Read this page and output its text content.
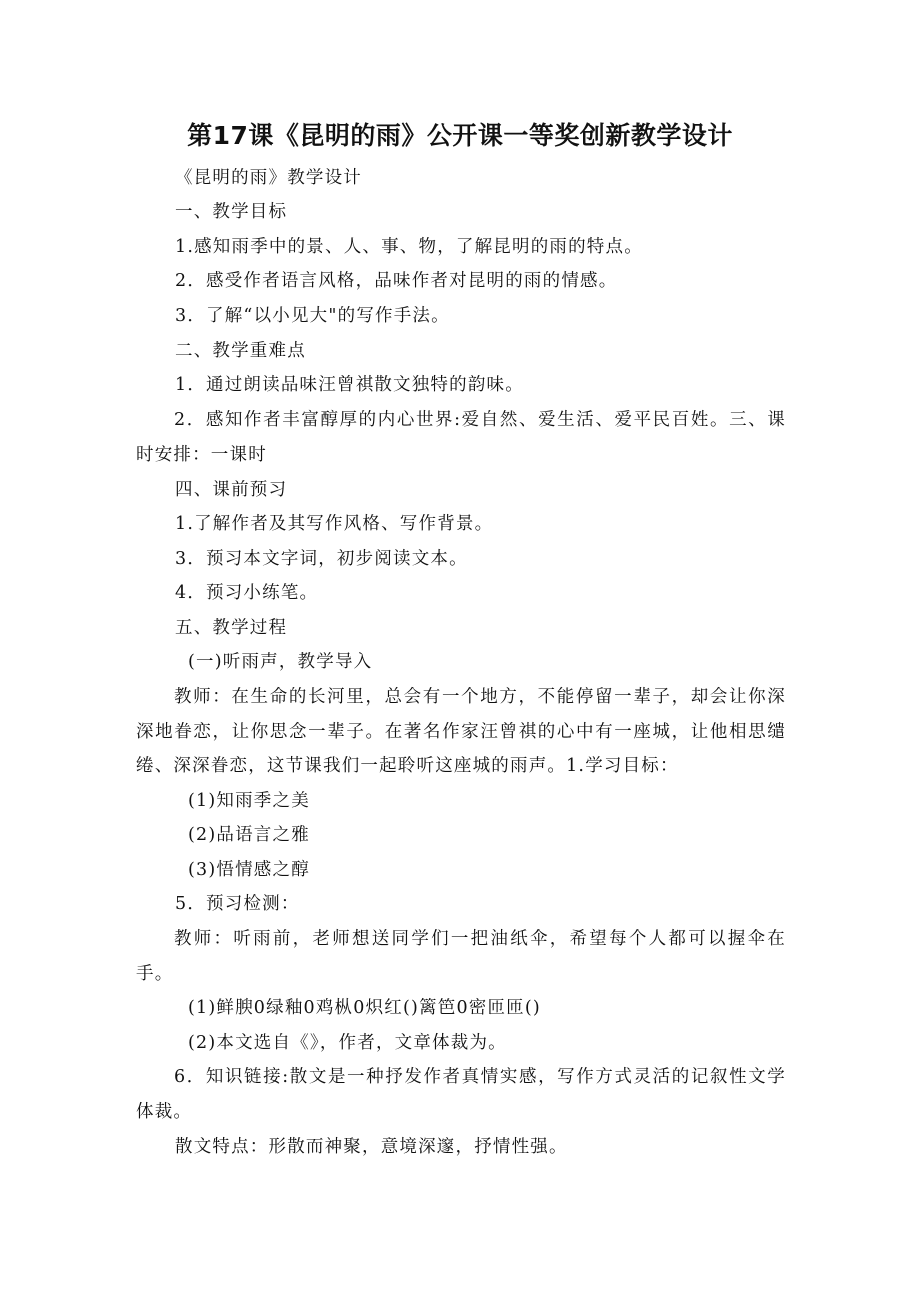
第17课《昆明的雨》公开课一等奖创新教学设计
《昆明的雨》教学设计
一、教学目标
1.感知雨季中的景、人、事、物，了解昆明的雨的特点。
2．感受作者语言风格，品味作者对昆明的雨的情感。
3．了解“以小见大"的写作手法。
二、教学重难点
1．通过朗读品味汪曾祺散文独特的韵味。
2．感知作者丰富醇厚的内心世界:爱自然、爱生活、爱平民百姓。三、课时安排：一课时
四、课前预习
1.了解作者及其写作风格、写作背景。
3．预习本文字词，初步阅读文本。
4．预习小练笔。
五、教学过程
(一)听雨声，教学导入
教师：在生命的长河里，总会有一个地方，不能停留一辈子，却会让你深深地眷恋，让你思念一辈子。在著名作家汪曾祺的心中有一座城，让他相思缱绻、深深眷恋，这节课我们一起聆听这座城的雨声。1.学习目标：
(1)知雨季之美
(2)品语言之雅
(3)悟情感之醇
5．预习检测：
教师：听雨前，老师想送同学们一把油纸伞，希望每个人都可以握伞在手。
(1)鲜腴0绿釉0鸡枞0炽红()篱笆0密匝匝()
(2)本文选自《》，作者，文章体裁为。
6．知识链接:散文是一种抒发作者真情实感，写作方式灵活的记叙性文学体裁。
散文特点：形散而神聚，意境深邃，抒情性强。
